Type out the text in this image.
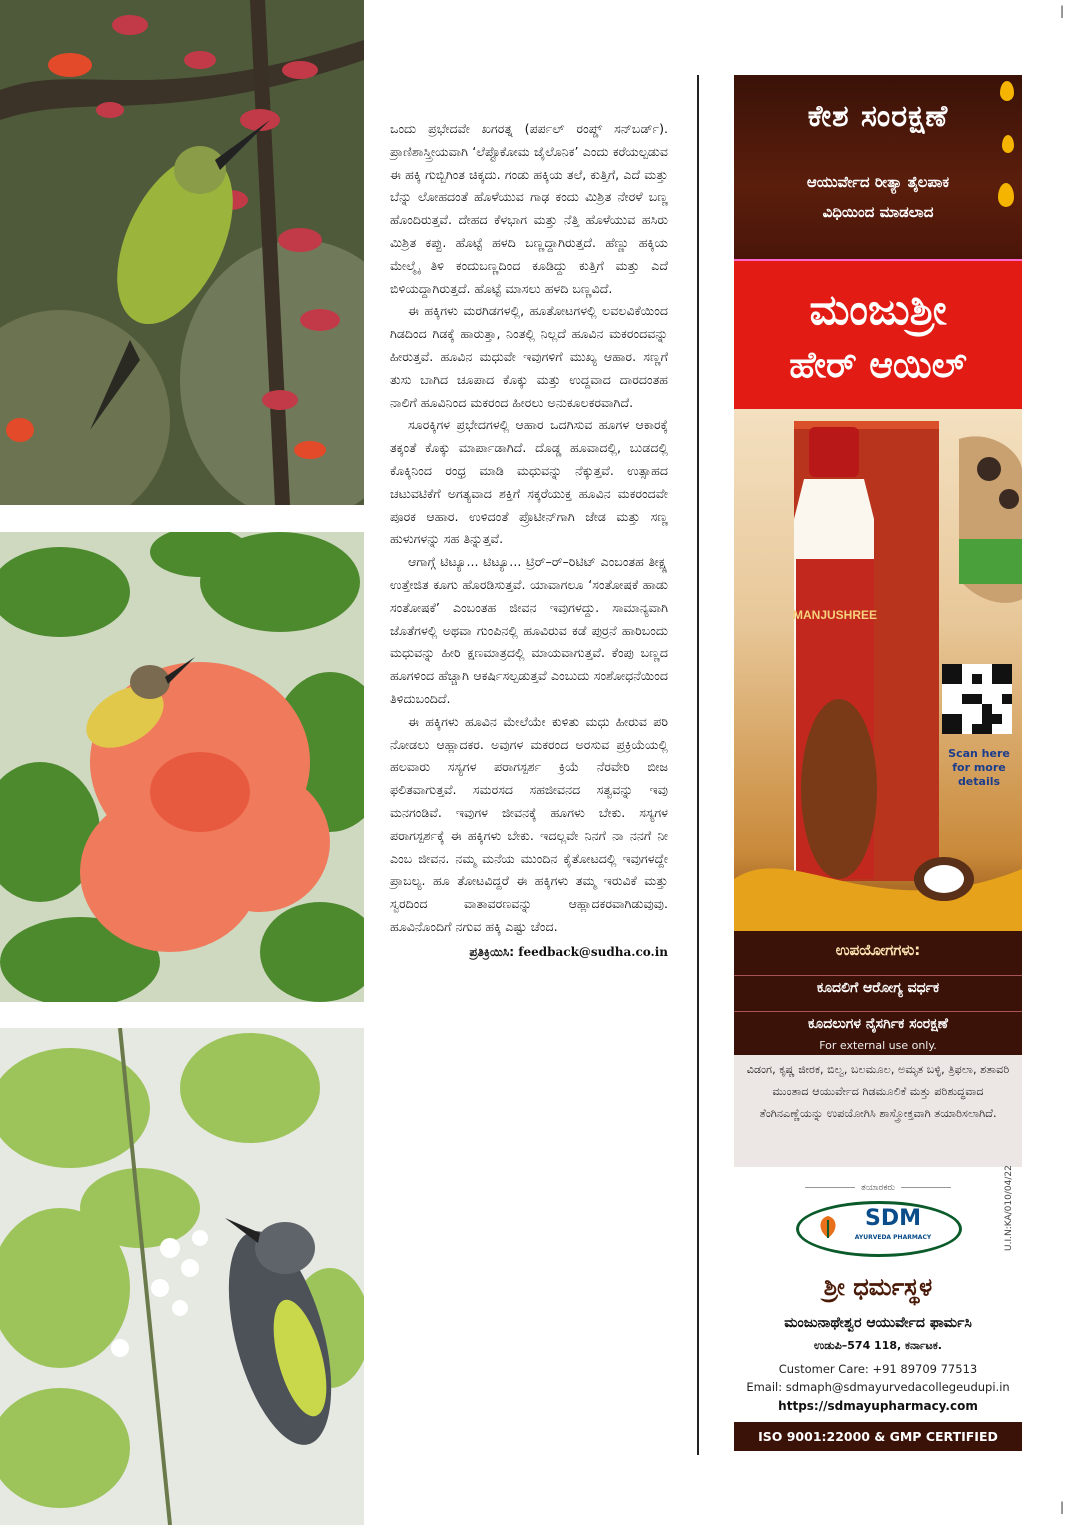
ಒಂದು ಪ್ರಭೇದವೇ ಖಗರತ್ನ (ಪರ್ಪಲ್ ರಂಪ್ಡ್ ಸನ್‌ಬರ್ಡ್). ಪ್ರಾಣಿಶಾಸ್ತ್ರೀಯವಾಗಿ ‘ಲೆಪ್ಟೊಕೋಮ ಜೈಲೊನಿಕ’ ಎಂದು ಕರೆಯಲ್ಪಡುವ ಈ ಹಕ್ಕಿ ಗುಬ್ಬಿಗಿಂತ ಚಿಕ್ಕದು. ಗಂಡು ಹಕ್ಕಿಯ ತಲೆ, ಕುತ್ತಿಗೆ, ಎದೆ ಮತ್ತು ಬೆನ್ನು ಲೋಹದಂತೆ ಹೊಳೆಯುವ ಗಾಢ ಕಂದು ಮಿಶ್ರಿತ ನೇರಳೆ ಬಣ್ಣ ಹೊಂದಿರುತ್ತವೆ. ದೇಹದ ಕೆಳಭಾಗ ಮತ್ತು ನೆತ್ತಿ ಹೊಳೆಯುವ ಹಸಿರು ಮಿಶ್ರಿತ ಕಪ್ಪು. ಹೊಟ್ಟೆ ಹಳದಿ ಬಣ್ಣದ್ದಾಗಿರುತ್ತದೆ. ಹೆಣ್ಣು ಹಕ್ಕಿಯ ಮೇಲ್ಮೈ ತಿಳಿ ಕಂದುಬಣ್ಣದಿಂದ ಕೂಡಿದ್ದು ಕುತ್ತಿಗೆ ಮತ್ತು ಎದೆ ಬಿಳಿಯದ್ದಾಗಿರುತ್ತದೆ. ಹೊಟ್ಟೆ ಮಾಸಲು ಹಳದಿ ಬಣ್ಣವಿದೆ.

ಈ ಹಕ್ಕಿಗಳು ಮರಗಿಡಗಳಲ್ಲಿ, ಹೂತೋಟಗಳಲ್ಲಿ ಲವಲವಿಕೆಯಿಂದ ಗಿಡದಿಂದ ಗಿಡಕ್ಕೆ ಹಾರುತ್ತಾ, ನಿಂತಲ್ಲಿ ನಿಲ್ಲದೆ ಹೂವಿನ ಮಕರಂದವನ್ನು ಹೀರುತ್ತವೆ. ಹೂವಿನ ಮಧುವೇ ಇವುಗಳಿಗೆ ಮುಖ್ಯ ಆಹಾರ. ಸಣ್ಣಗೆ ತುಸು ಬಾಗಿದ ಚೂಪಾದ ಕೊಕ್ಕು ಮತ್ತು ಉದ್ದವಾದ ದಾರದಂತಹ ನಾಲಿಗೆ ಹೂವಿನಿಂದ ಮಕರಂದ ಹೀರಲು ಅನುಕೂಲಕರವಾಗಿದೆ.

ಸೂರಕ್ಕಿಗಳ ಪ್ರಭೇದಗಳಲ್ಲಿ ಆಹಾರ ಒದಗಿಸುವ ಹೂಗಳ ಆಕಾರಕ್ಕೆ ತಕ್ಕಂತೆ ಕೊಕ್ಕು ಮಾರ್ಪಾಡಾಗಿದೆ. ದೊಡ್ಡ ಹೂವಾದಲ್ಲಿ, ಬುಡದಲ್ಲಿ ಕೊಕ್ಕಿನಿಂದ ರಂಧ್ರ ಮಾಡಿ ಮಧುವನ್ನು ನೆಕ್ಕುತ್ತವೆ. ಉತ್ಸಾಹದ ಚಟುವಟಿಕೆಗೆ ಅಗತ್ಯವಾದ ಶಕ್ತಿಗೆ ಸಕ್ಕರೆಯುಕ್ತ ಹೂವಿನ ಮಕರಂದವೇ ಪೂರಕ ಆಹಾರ. ಉಳಿದಂತೆ ಪ್ರೊಟೀನ್‌ಗಾಗಿ ಜೇಡ ಮತ್ತು ಸಣ್ಣ ಹುಳುಗಳನ್ನು ಸಹ ತಿನ್ನುತ್ತವೆ.

ಆಗಾಗ್ಗೆ ಟಿಟ್ಯೂ... ಟಿಟ್ಯೂ... ಟ್ರಿರ್–ರ್–ರಿಟಿಟ್ ಎಂಬಂತಹ ತೀಕ್ಷ್ಣ ಉತ್ತೇಜಿತ ಕೂಗು ಹೊರಡಿಸುತ್ತವೆ. ಯಾವಾಗಲೂ ‘ಸಂತೋಷಕೆ ಹಾಡು ಸಂತೋಷಕೆ’ ಎಂಬಂತಹ ಜೀವನ ಇವುಗಳದ್ದು. ಸಾಮಾನ್ಯವಾಗಿ ಜೊತೆಗಳಲ್ಲಿ ಅಥವಾ ಗುಂಪಿನಲ್ಲಿ ಹೂವಿರುವ ಕಡೆ ಪುರ್ರನೆ ಹಾರಿಬಂದು ಮಧುವನ್ನು ಹೀರಿ ಕ್ಷಣಮಾತ್ರದಲ್ಲಿ ಮಾಯವಾಗುತ್ತವೆ. ಕೆಂಪು ಬಣ್ಣದ ಹೂಗಳಿಂದ ಹೆಚ್ಚಾಗಿ ಆಕರ್ಷಿಸಲ್ಪಡುತ್ತವೆ ಎಂಬುದು ಸಂಶೋಧನೆಯಿಂದ ತಿಳಿದುಬಂದಿದೆ.

ಈ ಹಕ್ಕಿಗಳು ಹೂವಿನ ಮೇಲೆಯೇ ಕುಳಿತು ಮಧು ಹೀರುವ ಪರಿ ನೋಡಲು ಆಹ್ಲಾದಕರ. ಅವುಗಳ ಮಕರಂದ ಅರಸುವ ಪ್ರಕ್ರಿಯೆಯಲ್ಲಿ ಹಲವಾರು ಸಸ್ಯಗಳ ಪರಾಗಸ್ಪರ್ಶ ಕ್ರಿಯೆ ನೆರವೇರಿ ಬೀಜ ಫಲಿತವಾಗುತ್ತವೆ. ಸಮರಸದ ಸಹಜೀವನದ ಸತ್ವವನ್ನು ಇವು ಮನಗಂಡಿವೆ. ಇವುಗಳ ಜೀವನಕ್ಕೆ ಹೂಗಳು ಬೇಕು. ಸಸ್ಯಗಳ ಪರಾಗಸ್ಪರ್ಶಕ್ಕೆ ಈ ಹಕ್ಕಿಗಳು ಬೇಕು. ಇದಲ್ಲವೇ ನಿನಗೆ ನಾ ನನಗೆ ನೀ ಎಂಬ ಜೀವನ. ನಮ್ಮ ಮನೆಯ ಮುಂದಿನ ಕೈತೋಟದಲ್ಲಿ ಇವುಗಳದ್ದೇ ಪ್ರಾಬಲ್ಯ. ಹೂ ತೋಟವಿದ್ದರೆ ಈ ಹಕ್ಕಿಗಳು ತಮ್ಮ ಇರುವಿಕೆ ಮತ್ತು ಸ್ವರದಿಂದ ವಾತಾವರಣವನ್ನು ಆಹ್ಲಾದಕರವಾಗಿಡುವುವು. ಹೂವಿನೊಂದಿಗೆ ನಗುವ ಹಕ್ಕಿ ಎಷ್ಟು ಚೆಂದ.

ಪ್ರತಿಕ್ರಿಯಿಸಿ: feedback@sudha.co.in
|
|
ಕೇಶ ಸಂರಕ್ಷಣೆ
ಆಯುರ್ವೇದ ರೀತ್ಯಾ ತೈಲಪಾಕ
ವಿಧಿಯಿಂದ ಮಾಡಲಾದ
ಮಂಜುಶ್ರೀ
ಹೇರ್ ಆಯಿಲ್
MANJUSHREE
Scan here for more details
ಉಪಯೋಗಗಳು:
ಕೂದಲಿಗೆ ಆರೋಗ್ಯ ವರ್ಧಕ
ಕೂದಲುಗಳ ನೈಸರ್ಗಿಕ ಸಂರಕ್ಷಣೆ
For external use only.
ವಿಡಂಗ, ಕೃಷ್ಣ ಜೀರಕ, ಬಿಲ್ವ, ಬಲಮೂಲ, ಅಮೃತ ಬಳ್ಳಿ, ತ್ರಿಫಲಾ, ಶತಾವರಿ ಮುಂತಾದ ಆಯುರ್ವೇದ ಗಿಡಮೂಲಿಕೆ ಮತ್ತು ಪರಿಶುದ್ಧವಾದ ತೆಂಗಿನಎಣ್ಣೆಯನ್ನು ಉಪಯೋಗಿಸಿ ಶಾಸ್ತ್ರೋಕ್ತವಾಗಿ ತಯಾರಿಸಲಾಗಿದೆ.
ತಯಾರಕರು
SDM
AYURVEDA PHARMACY
ಶ್ರೀ ಧರ್ಮಸ್ಥಳ
ಮಂಜುನಾಥೇಶ್ವರ ಆಯುರ್ವೇದ ಫಾರ್ಮಸಿ
ಉಡುಪಿ–574 118, ಕರ್ನಾಟಕ.
Customer Care: +91 89709 77513
Email: sdmaph@sdmayurvedacollegeudupi.in
https://sdmayupharmacy.com
ISO 9001:22000 & GMP CERTIFIED
U.I.N:KA/010/04/22
